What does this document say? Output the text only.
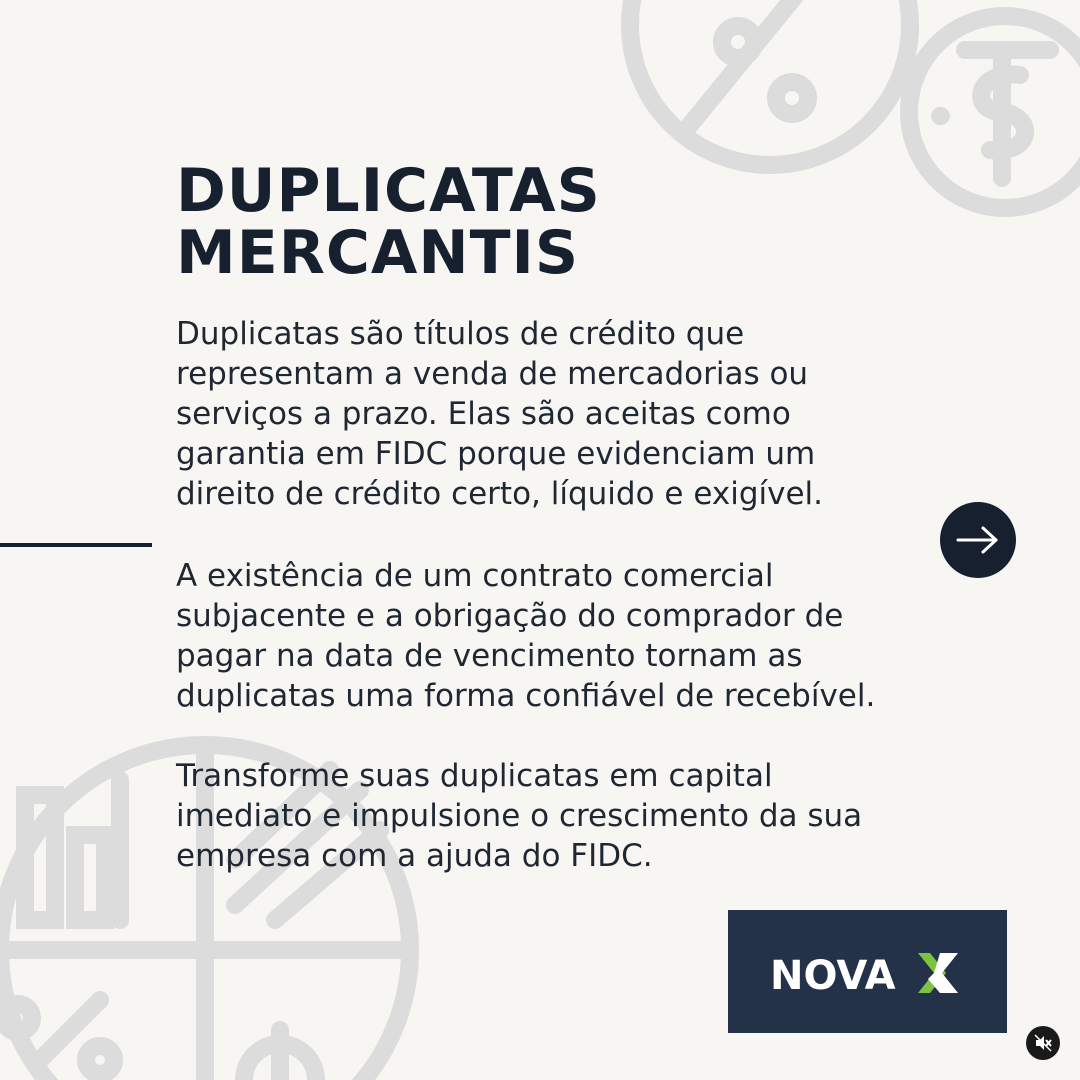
DUPLICATAS
MERCANTIS

Duplicatas são títulos de crédito que
representam a venda de mercadorias ou
serviços a prazo. Elas são aceitas como
garantia em FIDC porque evidenciam um
direito de crédito certo, líquido e exigível.

A existência de um contrato comercial
subjacente e a obrigação do comprador de
pagar na data de vencimento tornam as
duplicatas uma forma confiável de recebível.

Transforme suas duplicatas em capital
imediato e impulsione o crescimento da sua
empresa com a ajuda do FIDC.

NOVA
